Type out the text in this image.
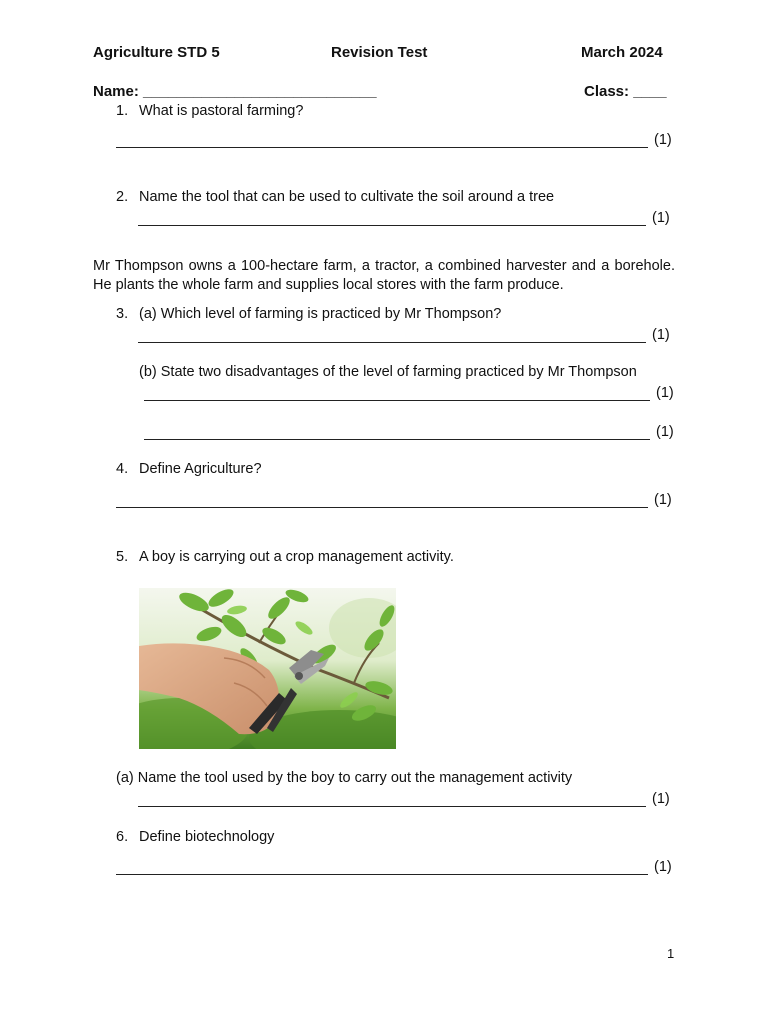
Agriculture STD 5	Revision Test	March 2024
Name: ____________________________	Class: ____
1. What is pastoral farming?
(1)
2. Name the tool that can be used to cultivate the soil around a tree
(1)
Mr Thompson owns a 100-hectare farm, a tractor, a combined harvester and a borehole. He plants the whole farm and supplies local stores with the farm produce.
3. (a) Which level of farming is practiced by Mr Thompson?
(1)
(b) State two disadvantages of the level of farming practiced by Mr Thompson
(1)
(1)
4. Define Agriculture?
(1)
5. A boy is carrying out a crop management activity.
(a) Name the tool used by the boy to carry out the management activity
(1)
6. Define biotechnology
(1)
1
